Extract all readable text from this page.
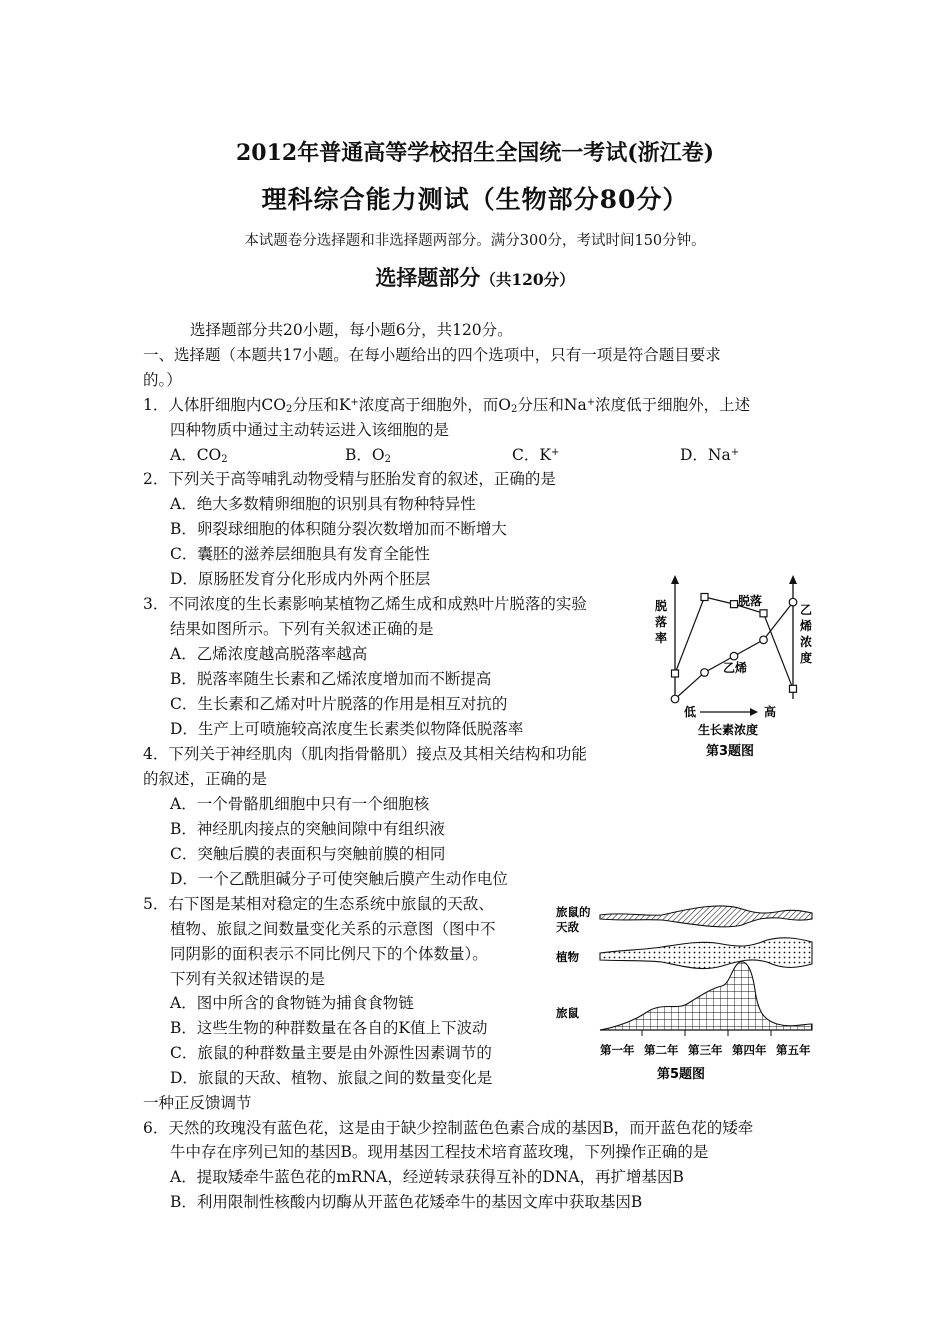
2012年普通高等学校招生全国统一考试(浙江卷)
理科综合能力测试（生物部分80分）
本试题卷分选择题和非选择题两部分。满分300分，考试时间150分钟。
选择题部分（共120分）
选择题部分共20小题，每小题6分，共120分。
一、选择题（本题共17小题。在每小题给出的四个选项中，只有一项是符合题目要求
的。）
1．人体肝细胞内$CO_2$分压和K+浓度高于细胞外，而$O_2$分压和Na+浓度低于细胞外，上述
四种物质中通过主动转运进入该细胞的是
A．$CO_2$	B．$O_2$	C．K+	D．Na+
2．下列关于高等哺乳动物受精与胚胎发育的叙述，正确的是
A．绝大多数精卵细胞的识别具有物种特异性
B．卵裂球细胞的体积随分裂次数增加而不断增大
C．囊胚的滋养层细胞具有发育全能性
D．原肠胚发育分化形成内外两个胚层
3．不同浓度的生长素影响某植物乙烯生成和成熟叶片脱落的实验
结果如图所示。下列有关叙述正确的是
A．乙烯浓度越高脱落率越高
B．脱落率随生长素和乙烯浓度增加而不断提高
C．生长素和乙烯对叶片脱落的作用是相互对抗的
D．生产上可喷施较高浓度生长素类似物降低脱落率
脱落率
乙烯浓度
脱落
乙烯
低	高
生长素浓度
第3题图
4．下列关于神经肌肉（肌肉指骨骼肌）接点及其相关结构和功能
的叙述，正确的是
A．一个骨骼肌细胞中只有一个细胞核
B．神经肌肉接点的突触间隙中有组织液
C．突触后膜的表面积与突触前膜的相同
D．一个乙酰胆碱分子可使突触后膜产生动作电位
5．右下图是某相对稳定的生态系统中旅鼠的天敌、
植物、旅鼠之间数量变化关系的示意图（图中不
同阴影的面积表示不同比例尺下的个体数量）。
下列有关叙述错误的是
A．图中所含的食物链为捕食食物链
B．这些生物的种群数量在各自的K值上下波动
C．旅鼠的种群数量主要是由外源性因素调节的
D．旅鼠的天敌、植物、旅鼠之间的数量变化是
一种正反馈调节
旅鼠的
天敌
植物
旅鼠
第一年 第二年 第三年 第四年 第五年
第5题图
6．天然的玫瑰没有蓝色花，这是由于缺少控制蓝色色素合成的基因B，而开蓝色花的矮牵
牛中存在序列已知的基因B。现用基因工程技术培育蓝玫瑰，下列操作正确的是
A．提取矮牵牛蓝色花的mRNA，经逆转录获得互补的DNA，再扩增基因B
B．利用限制性核酸内切酶从开蓝色花矮牵牛的基因文库中获取基因B
